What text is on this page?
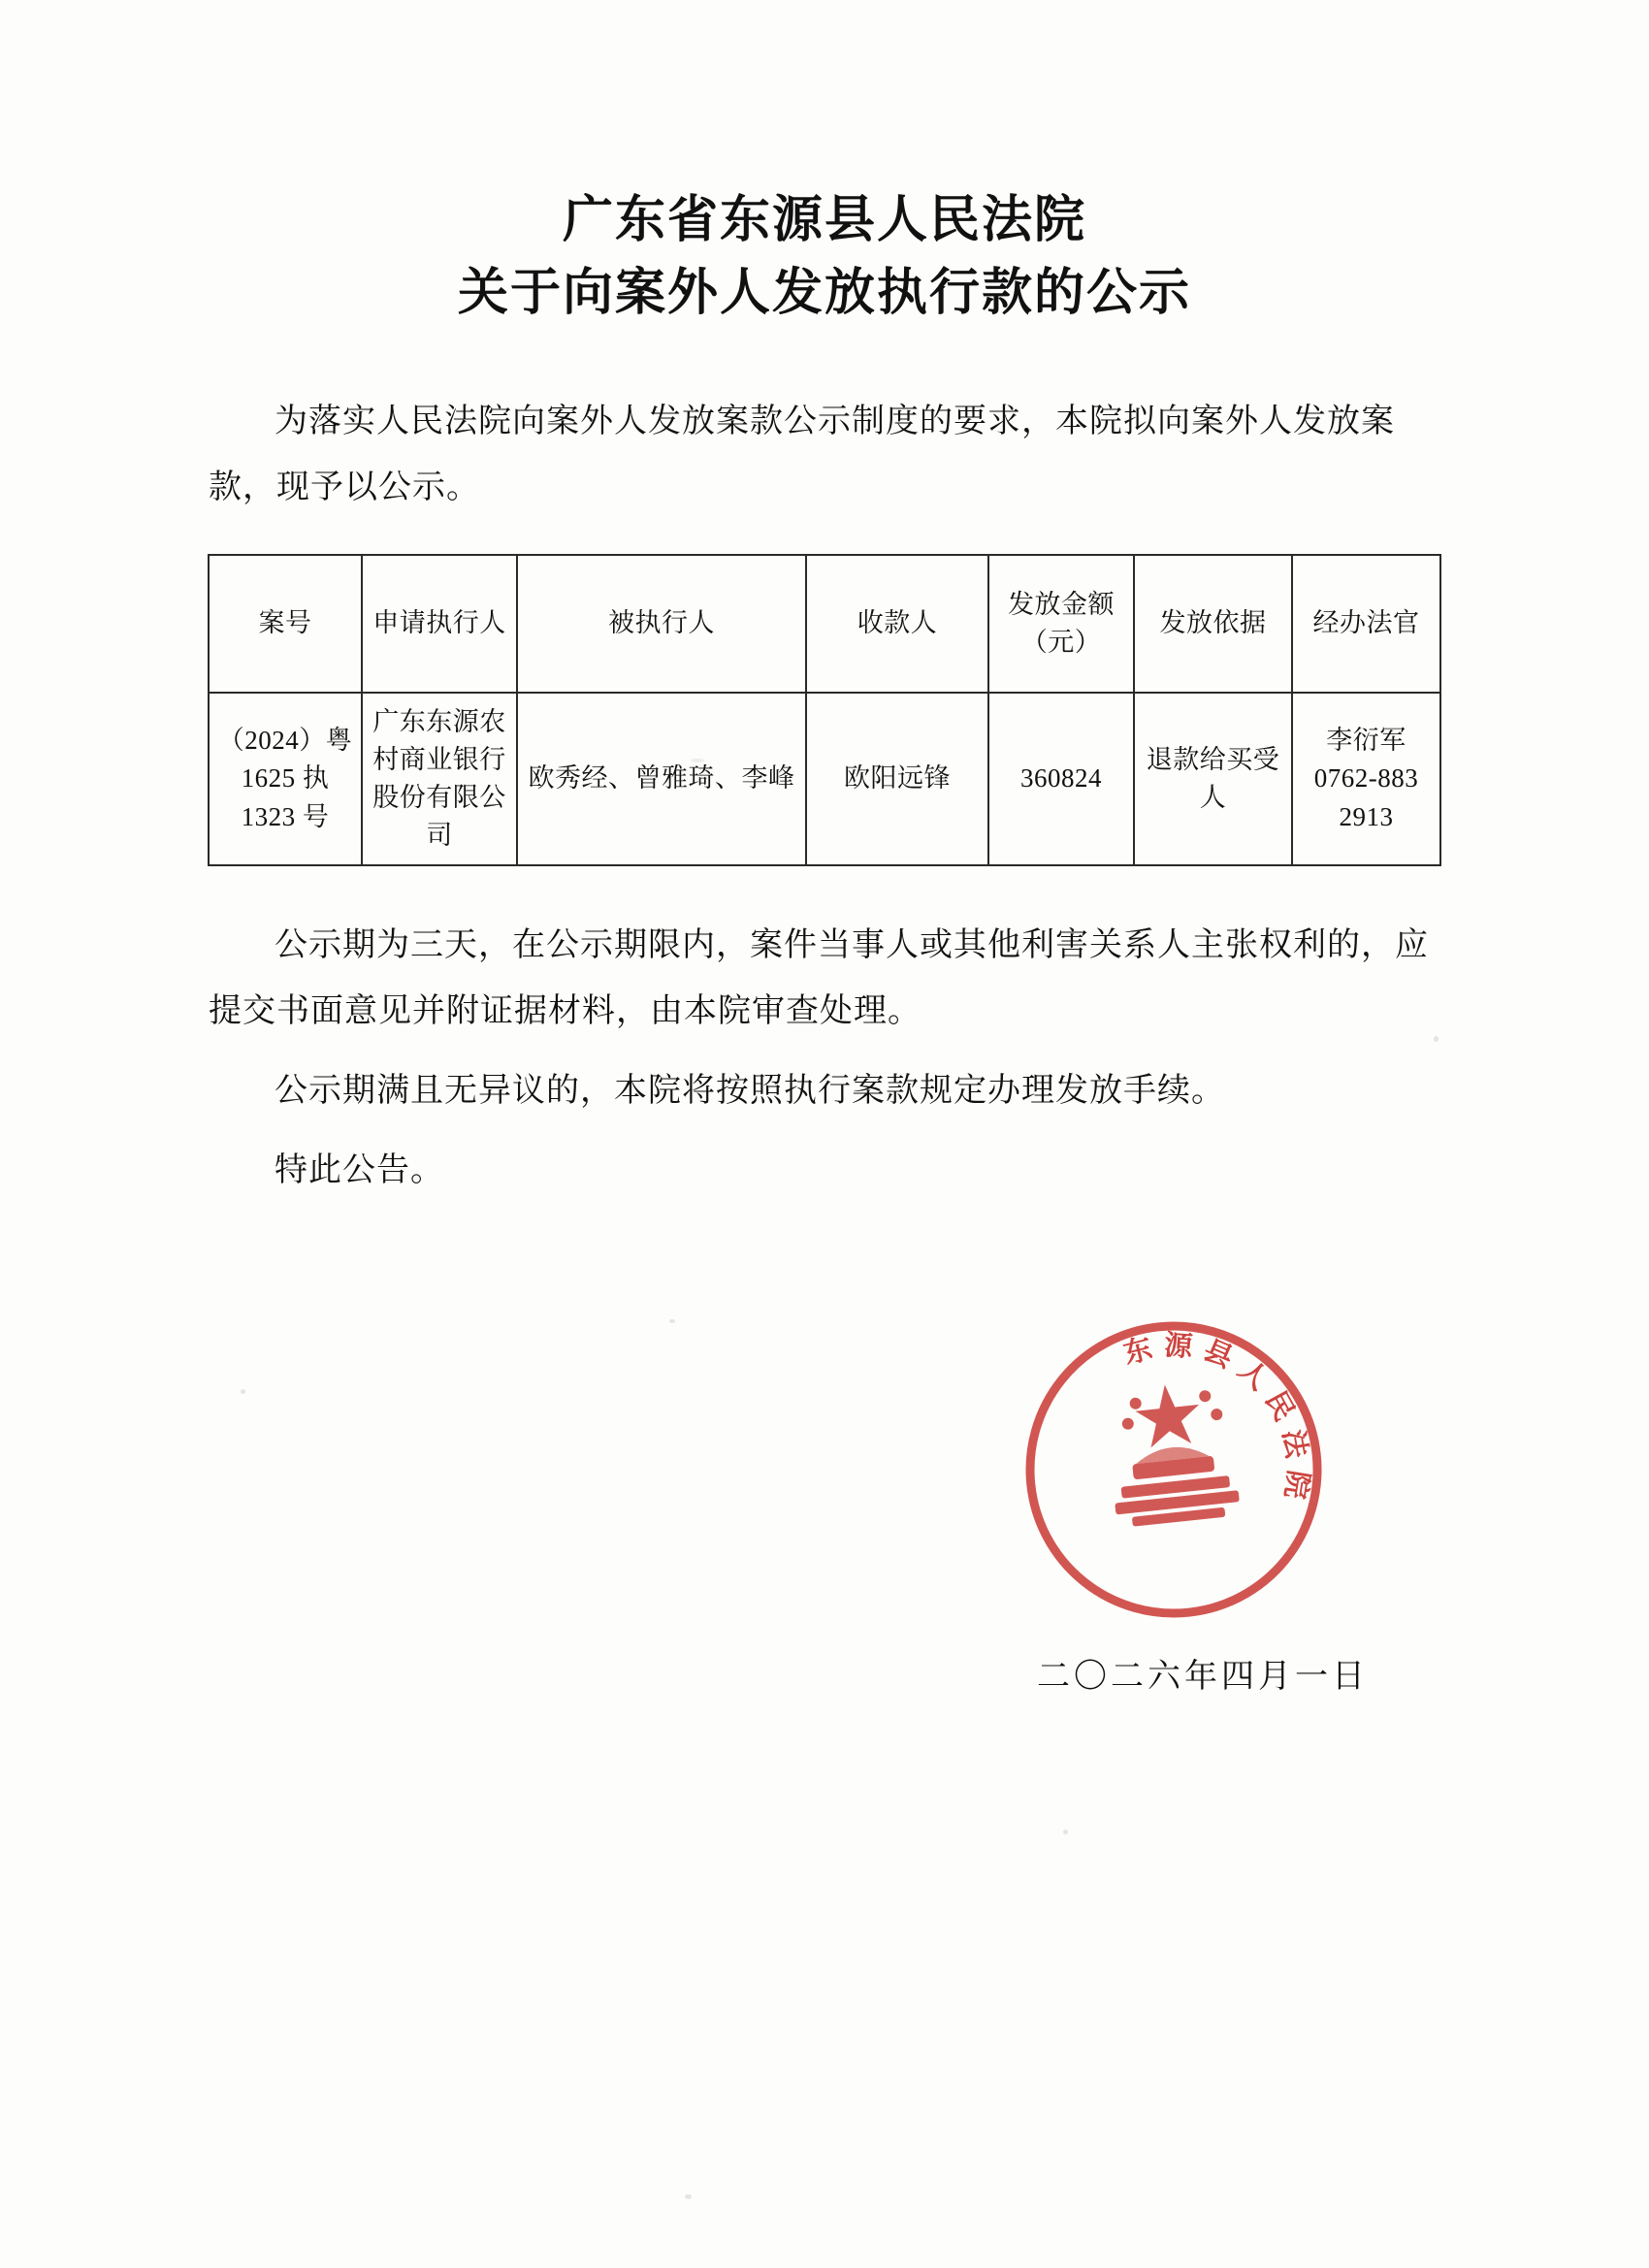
广东省东源县人民法院
关于向案外人发放执行款的公示

为落实人民法院向案外人发放案款公示制度的要求，本院拟向案外人发放案款，现予以公示。

案号	申请执行人	被执行人	收款人	发放金额（元）	发放依据	经办法官
（2024）粤 1625 执 1323 号	广东东源农村商业银行股份有限公司	欧秀经、曾雅琦、李峰	欧阳远锋	360824	退款给买受人	李衍军 0762-883 2913

公示期为三天，在公示期限内，案件当事人或其他利害关系人主张权利的，应提交书面意见并附证据材料，由本院审查处理。

公示期满且无异议的，本院将按照执行案款规定办理发放手续。

特此公告。

东源县人民法院
二〇二六年四月一日
